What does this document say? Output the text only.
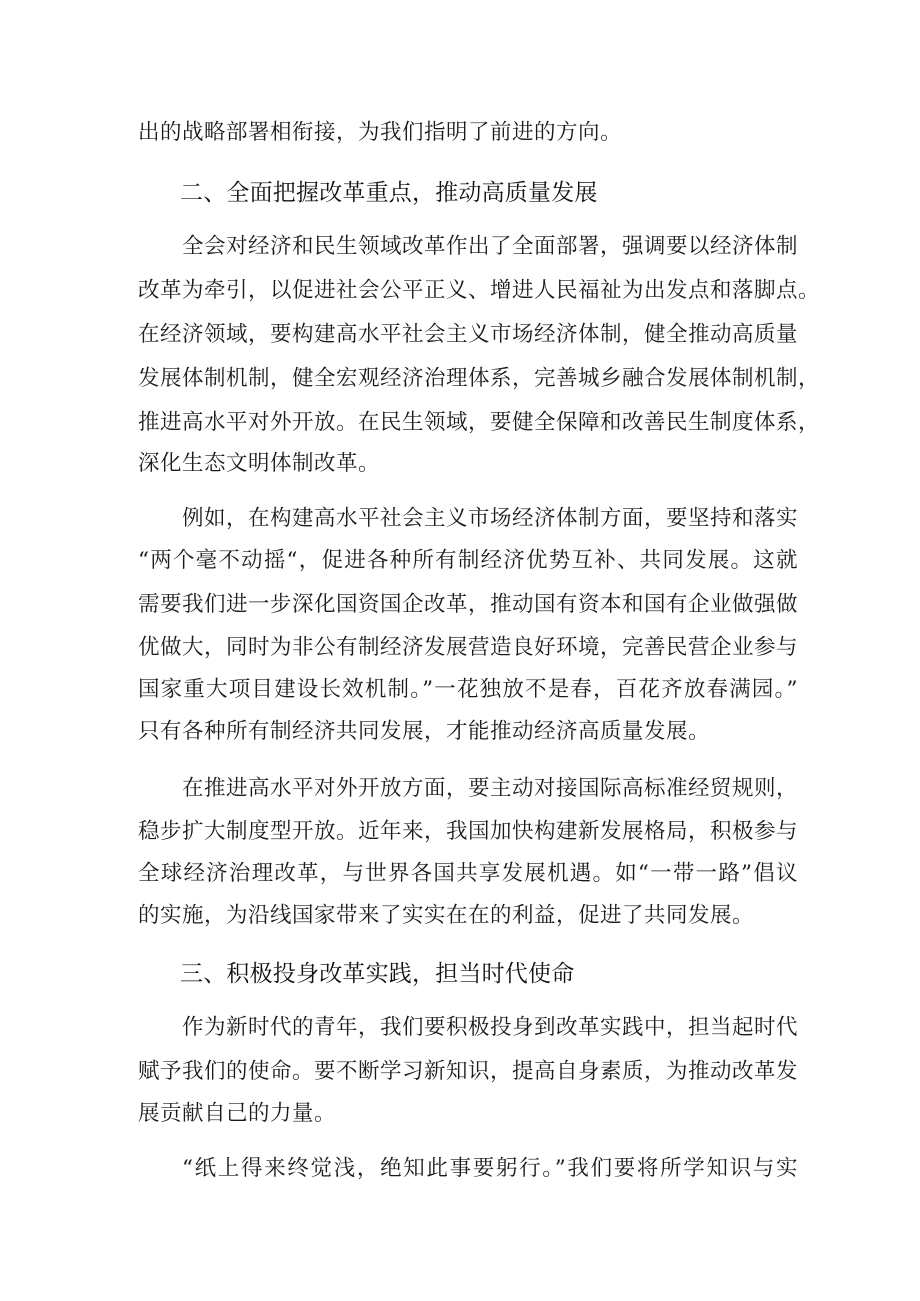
出的战略部署相衔接，为我们指明了前进的方向。
二、全面把握改革重点，推动高质量发展
全会对经济和民生领域改革作出了全面部署，强调要以经济体制
改革为牵引，以促进社会公平正义、增进人民福祉为出发点和落脚点。
在经济领域，要构建高水平社会主义市场经济体制，健全推动高质量
发展体制机制，健全宏观经济治理体系，完善城乡融合发展体制机制，
推进高水平对外开放。在民生领域，要健全保障和改善民生制度体系，
深化生态文明体制改革。
例如，在构建高水平社会主义市场经济体制方面，要坚持和落实
“两个毫不动摇“，促进各种所有制经济优势互补、共同发展。这就
需要我们进一步深化国资国企改革，推动国有资本和国有企业做强做
优做大，同时为非公有制经济发展营造良好环境，完善民营企业参与
国家重大项目建设长效机制。”一花独放不是春，百花齐放春满园。”
只有各种所有制经济共同发展，才能推动经济高质量发展。
在推进高水平对外开放方面，要主动对接国际高标准经贸规则，
稳步扩大制度型开放。近年来，我国加快构建新发展格局，积极参与
全球经济治理改革，与世界各国共享发展机遇。如“一带一路”倡议
的实施，为沿线国家带来了实实在在的利益，促进了共同发展。
三、积极投身改革实践，担当时代使命
作为新时代的青年，我们要积极投身到改革实践中，担当起时代
赋予我们的使命。要不断学习新知识，提高自身素质，为推动改革发
展贡献自己的力量。
“纸上得来终觉浅，绝知此事要躬行。”我们要将所学知识与实
